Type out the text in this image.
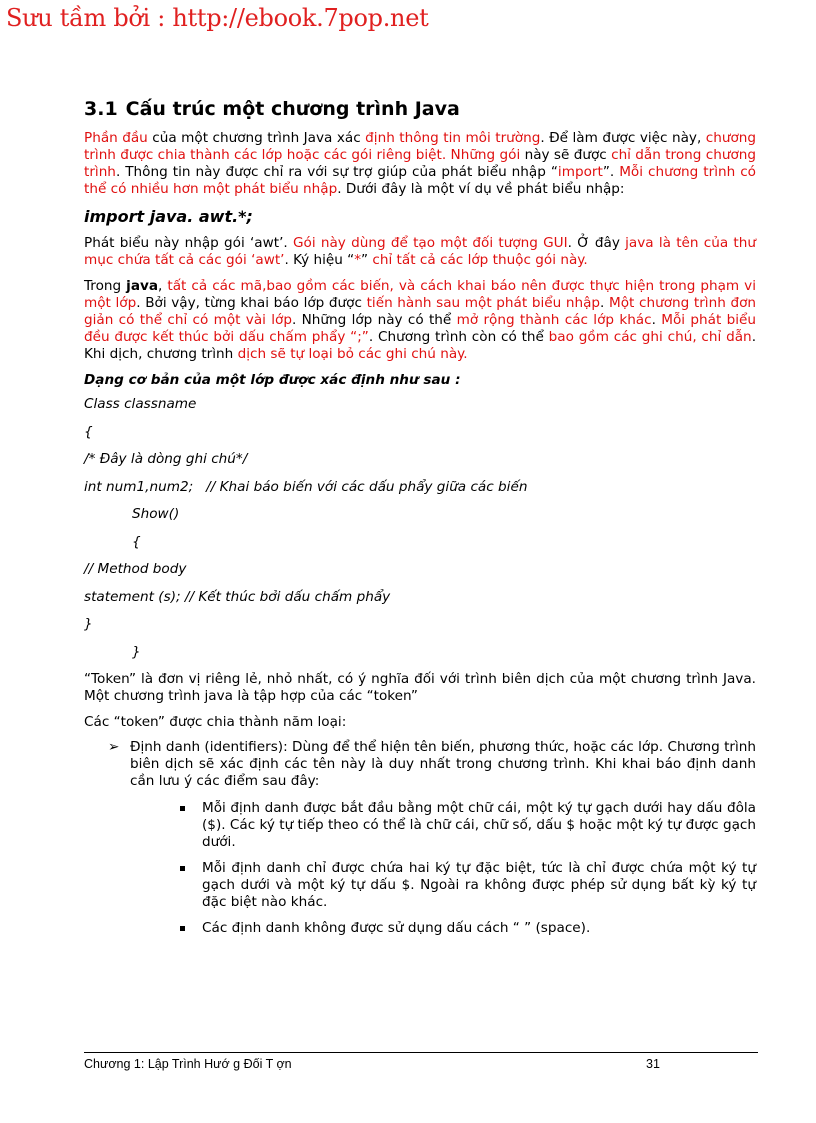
Sưu tầm bởi : http://ebook.7pop.net
3.1 Cấu trúc một chương trình Java

Phần đầu của một chương trình Java xác định thông tin môi trường. Để làm được việc này, chương trình được chia thành các lớp hoặc các gói riêng biệt. Những gói này sẽ được chỉ dẫn trong chương trình. Thông tin này được chỉ ra với sự trợ giúp của phát biểu nhập “import”. Mỗi chương trình có thể có nhiều hơn một phát biểu nhập. Dưới đây là một ví dụ về phát biểu nhập:

import java. awt.*;

Phát biểu này nhập gói ‘awt’. Gói này dùng để tạo một đối tượng GUI. Ở đây java là tên của thư mục chứa tất cả các gói ‘awt’. Ký hiệu “*” chỉ tất cả các lớp thuộc gói này.

Trong java, tất cả các mã,bao gồm các biến, và cách khai báo nên được thực hiện trong phạm vi một lớp. Bởi vậy, từng khai báo lớp được tiến hành sau một phát biểu nhập. Một chương trình đơn giản có thể chỉ có một vài lớp. Những lớp này có thể mở rộng thành các lớp khác. Mỗi phát biểu đều được kết thúc bởi dấu chấm phẩy “;”. Chương trình còn có thể bao gồm các ghi chú, chỉ dẫn. Khi dịch, chương trình dịch sẽ tự loại bỏ các ghi chú này.

Dạng cơ bản của một lớp được xác định như sau :
Class classname
{
/* Đây là dòng ghi chú*/
int num1,num2;   // Khai báo biến với các dấu phẩy giữa các biến
Show()
{
// Method body
statement (s); // Kết thúc bởi dấu chấm phẩy
}
}

“Token” là đơn vị riêng lẻ, nhỏ nhất, có ý nghĩa đối với trình biên dịch của một chương trình Java. Một chương trình java là tập hợp của các “token”

Các “token” được chia thành năm loại:

➢ Định danh (identifiers): Dùng để thể hiện tên biến, phương thức, hoặc các lớp. Chương trình biên dịch sẽ xác định các tên này là duy nhất trong chương trình. Khi khai báo định danh cần lưu ý các điểm sau đây:
Mỗi định danh được bắt đầu bằng một chữ cái, một ký tự gạch dưới hay dấu đôla ($). Các ký tự tiếp theo có thể là chữ cái, chữ số, dấu $ hoặc một ký tự được gạch dưới.
Mỗi định danh chỉ được chứa hai ký tự đặc biệt, tức là chỉ được chứa một ký tự gạch dưới và một ký tự dấu $. Ngoài ra không được phép sử dụng bất kỳ ký tự đặc biệt nào khác.
Các định danh không được sử dụng dấu cách “ ” (space).
Chương 1: Lập Trình Hướ g Đối T ợn	31
